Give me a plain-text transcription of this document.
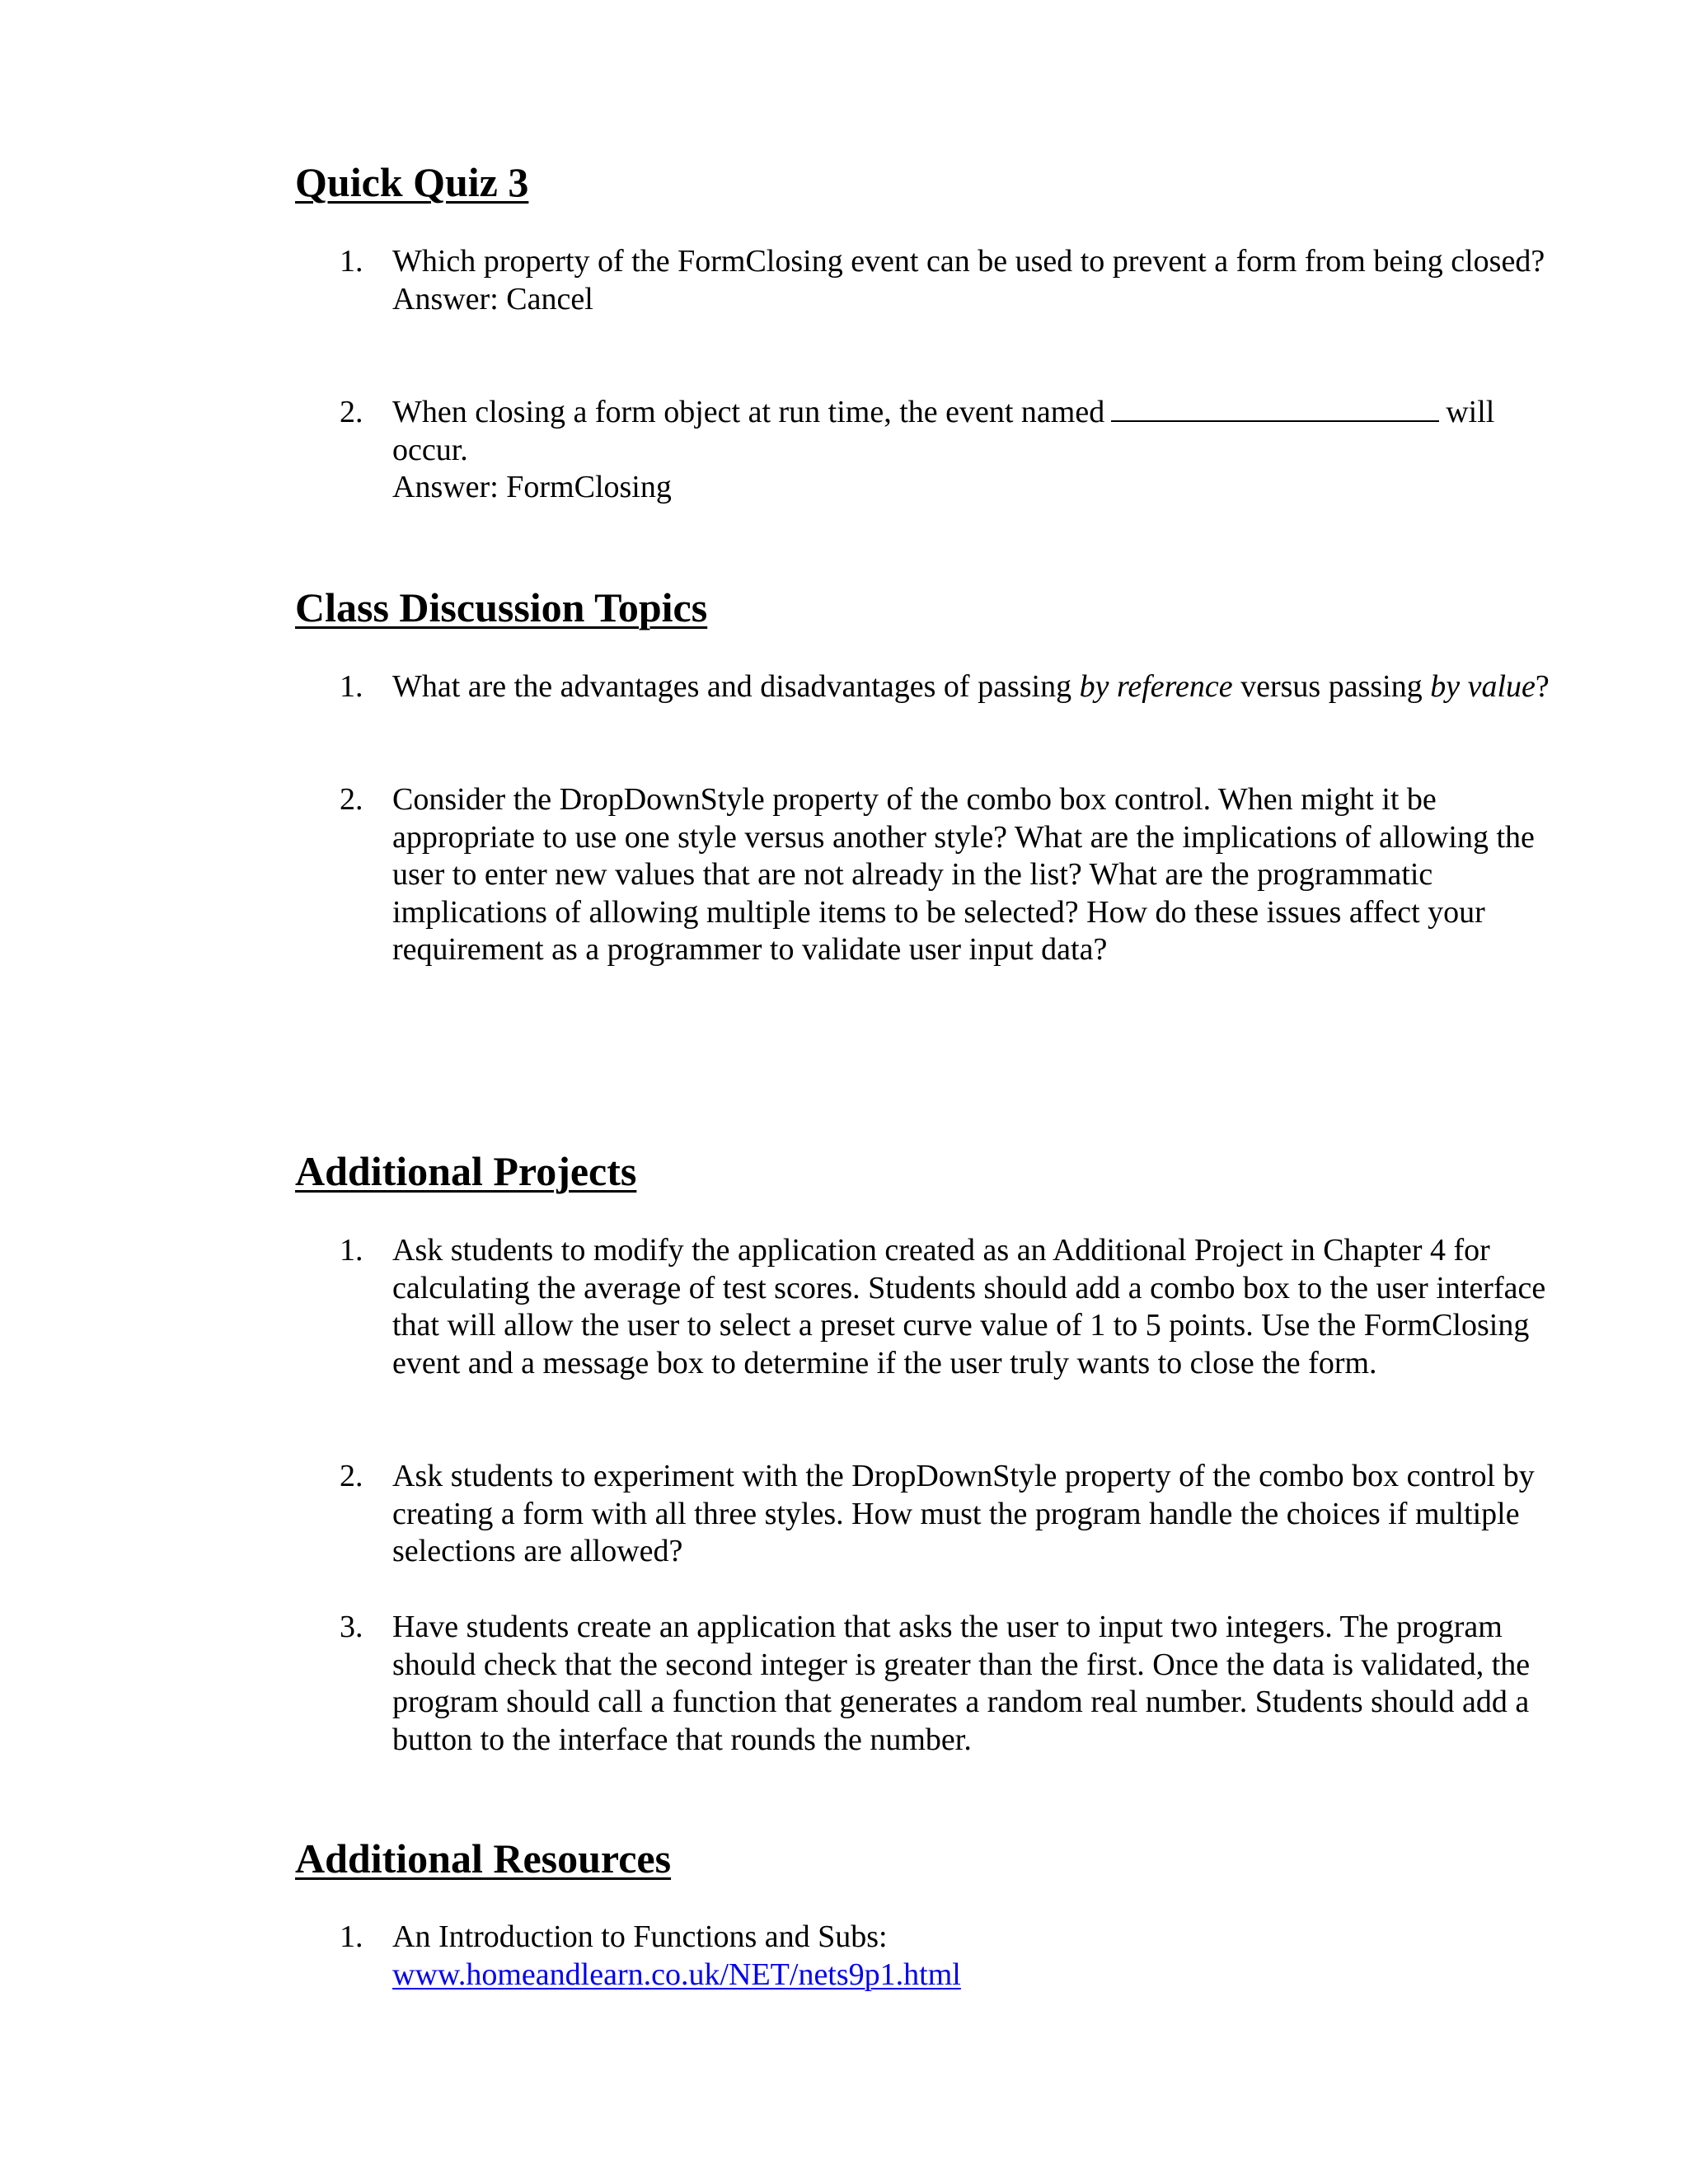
Quick Quiz 3
1. Which property of the FormClosing event can be used to prevent a form from being closed?
Answer: Cancel
2. When closing a form object at run time, the event named	will occur.
Answer: FormClosing
Class Discussion Topics
1. What are the advantages and disadvantages of passing by reference versus passing by value?
2. Consider the DropDownStyle property of the combo box control. When might it be appropriate to use one style versus another style? What are the implications of allowing the user to enter new values that are not already in the list? What are the programmatic implications of allowing multiple items to be selected? How do these issues affect your requirement as a programmer to validate user input data?
Additional Projects
1. Ask students to modify the application created as an Additional Project in Chapter 4 for calculating the average of test scores. Students should add a combo box to the user interface that will allow the user to select a preset curve value of 1 to 5 points. Use the FormClosing event and a message box to determine if the user truly wants to close the form.
2. Ask students to experiment with the DropDownStyle property of the combo box control by creating a form with all three styles. How must the program handle the choices if multiple selections are allowed?
3. Have students create an application that asks the user to input two integers. The program should check that the second integer is greater than the first. Once the data is validated, the program should call a function that generates a random real number. Students should add a button to the interface that rounds the number.
Additional Resources
1. An Introduction to Functions and Subs:
www.homeandlearn.co.uk/NET/nets9p1.html
